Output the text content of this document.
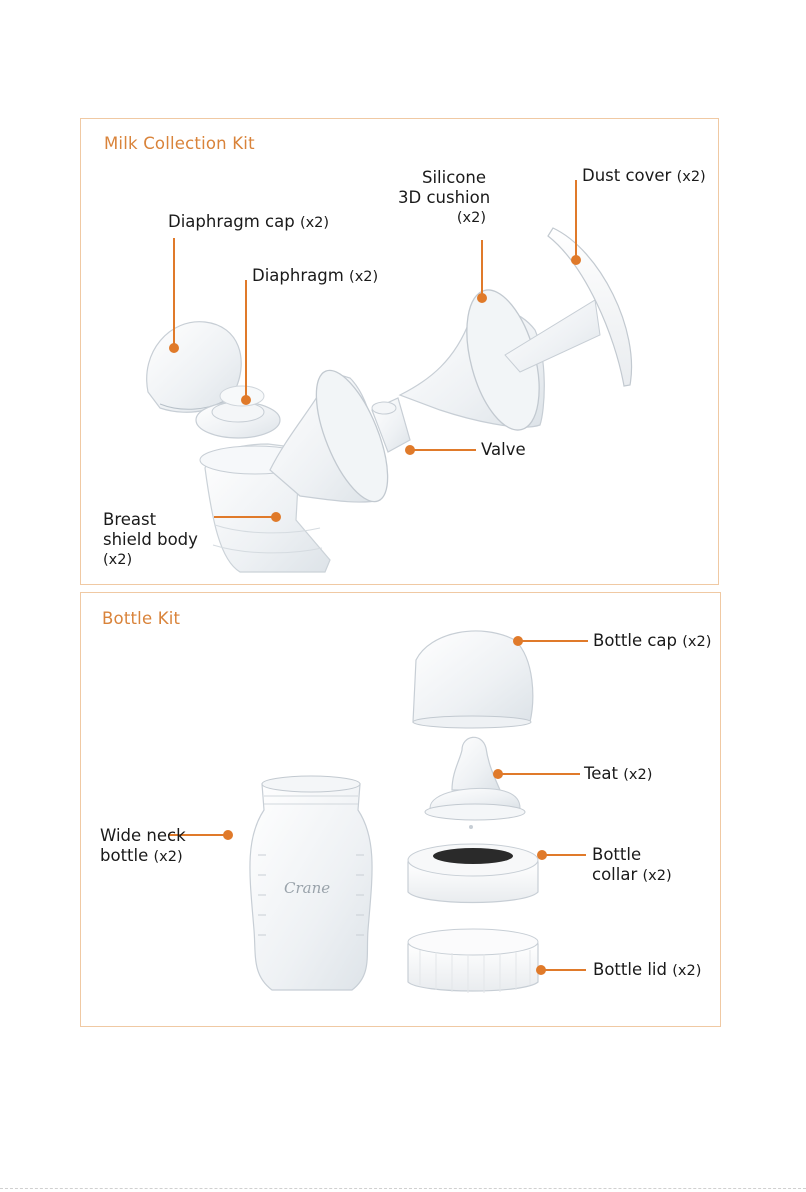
Crane
Milk Collection Kit
Bottle Kit
Diaphragm cap (x2)
Diaphragm (x2)
Silicone
3D cushion
(x2)
Dust cover (x2)
Valve
Breast
shield body
(x2)
Bottle cap (x2)
Teat (x2)
Bottle
collar (x2)
Bottle lid (x2)
Wide neck
bottle (x2)
